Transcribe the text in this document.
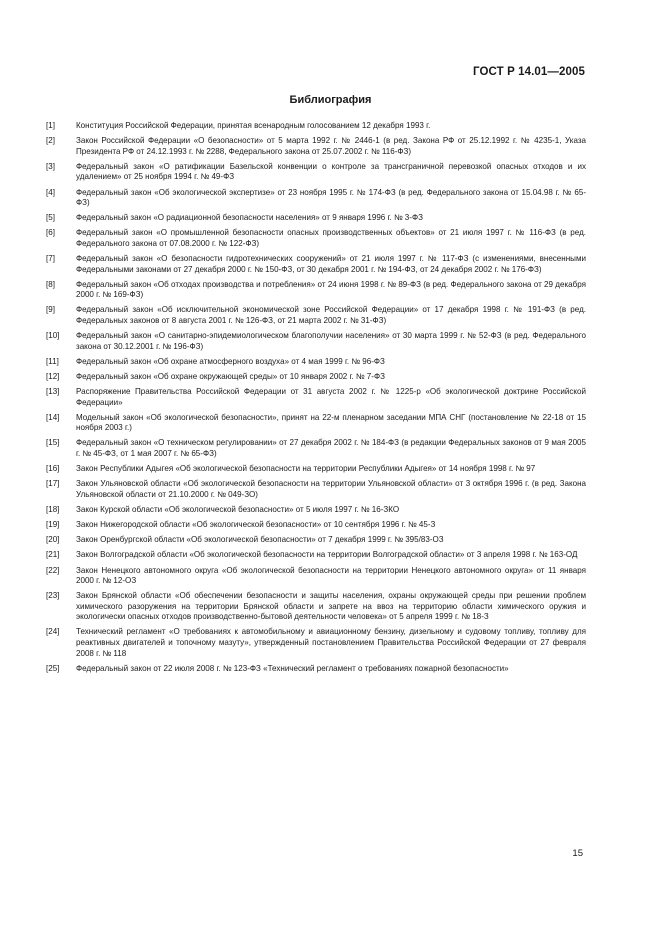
ГОСТ Р 14.01—2005
Библиография
[1]	Конституция Российской Федерации, принятая всенародным голосованием 12 декабря 1993 г.
[2]	Закон Российской Федерации «О безопасности» от 5 марта 1992 г. № 2446-1 (в ред. Закона РФ от 25.12.1992 г. № 4235-1, Указа Президента РФ от 24.12.1993 г. № 2288, Федерального закона от 25.07.2002 г. № 116-ФЗ)
[3]	Федеральный закон «О ратификации Базельской конвенции о контроле за трансграничной перевозкой опасных отходов и их удалением» от 25 ноября 1994 г. № 49-ФЗ
[4]	Федеральный закон «Об экологической экспертизе» от 23 ноября 1995 г. № 174-ФЗ (в ред. Федерального закона от 15.04.98 г. № 65-ФЗ)
[5]	Федеральный закон «О радиационной безопасности населения» от 9 января 1996 г. № 3-ФЗ
[6]	Федеральный закон «О промышленной безопасности опасных производственных объектов» от 21 июля 1997 г. № 116-ФЗ (в ред. Федерального закона от 07.08.2000 г. № 122-ФЗ)
[7]	Федеральный закон «О безопасности гидротехнических сооружений» от 21 июля 1997 г. № 117-ФЗ (с изменениями, внесенными Федеральными законами от 27 декабря 2000 г. № 150-ФЗ, от 30 декабря 2001 г. № 194-ФЗ, от 24 декабря 2002 г. № 176-ФЗ)
[8]	Федеральный закон «Об отходах производства и потребления» от 24 июня 1998 г. № 89-ФЗ (в ред. Федерального закона от 29 декабря 2000 г. № 169-ФЗ)
[9]	Федеральный закон «Об исключительной экономической зоне Российской Федерации» от 17 декабря 1998 г. № 191-ФЗ (в ред. Федеральных законов от 8 августа 2001 г. № 126-ФЗ, от 21 марта 2002 г. № 31-ФЗ)
[10]	Федеральный закон «О санитарно-эпидемиологическом благополучии населения» от 30 марта 1999 г. № 52-ФЗ (в ред. Федерального закона от 30.12.2001 г. № 196-ФЗ)
[11]	Федеральный закон «Об охране атмосферного воздуха» от 4 мая 1999 г. № 96-ФЗ
[12]	Федеральный закон «Об охране окружающей среды» от 10 января 2002 г. № 7-ФЗ
[13]	Распоряжение Правительства Российской Федерации от 31 августа 2002 г. № 1225-р «Об экологической доктрине Российской Федерации»
[14]	Модельный закон «Об экологической безопасности», принят на 22-м пленарном заседании МПА СНГ (постановление № 22-18 от 15 ноября 2003 г.)
[15]	Федеральный закон «О техническом регулировании» от 27 декабря 2002 г. № 184-ФЗ (в редакции Федеральных законов от 9 мая 2005 г. № 45-ФЗ, от 1 мая 2007 г. № 65-ФЗ)
[16]	Закон Республики Адыгея «Об экологической безопасности на территории Республики Адыгея» от 14 ноября 1998 г. № 97
[17]	Закон Ульяновской области «Об экологической безопасности на территории Ульяновской области» от 3 октября 1996 г. (в ред. Закона Ульяновской области от 21.10.2000 г. № 049-ЗО)
[18]	Закон Курской области «Об экологической безопасности» от 5 июля 1997 г. № 16-ЗКО
[19]	Закон Нижегородской области «Об экологической безопасности» от 10 сентября 1996 г. № 45-З
[20]	Закон Оренбургской области «Об экологической безопасности» от 7 декабря 1999 г. № 395/83-ОЗ
[21]	Закон Волгоградской области «Об экологической безопасности на территории Волгоградской области» от 3 апреля 1998 г. № 163-ОД
[22]	Закон Ненецкого автономного округа «Об экологической безопасности на территории Ненецкого автономного округа» от 11 января 2000 г. № 12-ОЗ
[23]	Закон Брянской области «Об обеспечении безопасности и защиты населения, охраны окружающей среды при решении проблем химического разоружения на территории Брянской области и запрете на ввоз на территорию области химического оружия и экологически опасных отходов производственно-бытовой деятельности человека» от 5 апреля 1999 г. № 18-З
[24]	Технический регламент «О требованиях к автомобильному и авиационному бензину, дизельному и судовому топливу, топливу для реактивных двигателей и топочному мазуту», утвержденный постановлением Правительства Российской Федерации от 27 февраля 2008 г. № 118
[25]	Федеральный закон от 22 июля 2008 г. № 123-ФЗ «Технический регламент о требованиях пожарной безопасности»
15
